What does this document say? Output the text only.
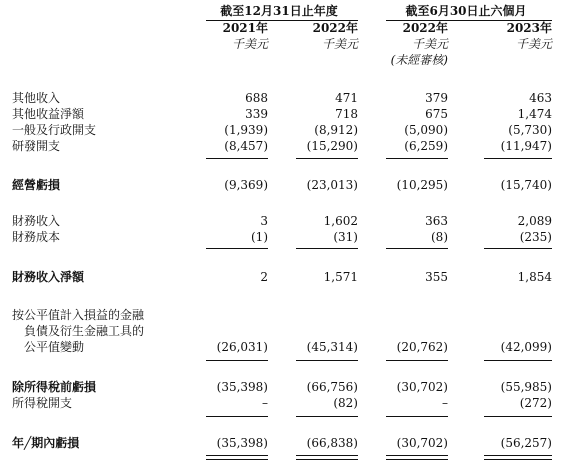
截至12月31日止年度	截至6月30日止六個月
2021年	2022年	2022年	2023年
千美元	千美元	千美元	千美元
(未經審核)
其他收入	688	471	379	463
其他收益淨額	339	718	675	1,474
一般及行政開支	(1,939)	(8,912)	(5,090)	(5,730)
研發開支	(8,457)	(15,290)	(6,259)	(11,947)
經營虧損	(9,369)	(23,013)	(10,295)	(15,740)
財務收入	3	1,602	363	2,089
財務成本	(1)	(31)	(8)	(235)
財務收入淨額	2	1,571	355	1,854
按公平值計入損益的金融
負債及衍生金融工具的
公平值變動	(26,031)	(45,314)	(20,762)	(42,099)
除所得稅前虧損	(35,398)	(66,756)	(30,702)	(55,985)
所得稅開支	–	(82)	–	(272)
年╱期內虧損	(35,398)	(66,838)	(30,702)	(56,257)
